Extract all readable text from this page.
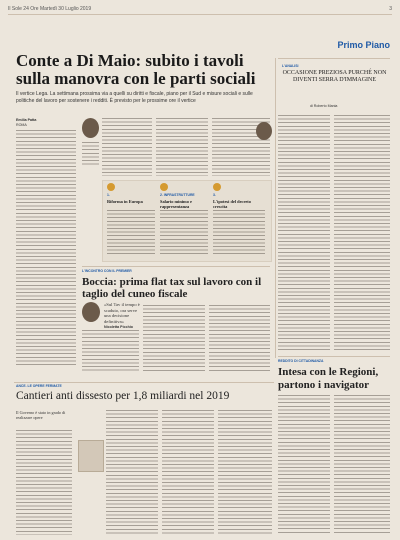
Il Sole 24 Ore Martedì 30 Luglio 2019	3
Primo Piano
Conte a Di Maio: subito i tavoli sulla manovra con le parti sociali
Il vertice Lega. La settimana prossima via a quelli su diritti e fiscale, piano per il Sud e misure sociali e sulle politiche del lavoro per sostenere i redditi. È previsto per le prossime ore il vertice
L'ANALISI
OCCASIONE PREZIOSA PURCHÉ NON DIVENTI SERRA D'IMMAGINE
di Roberto Mania
Emilia Patta
ROMA
1.
Riforma in Europa
2. INFRASTRUTTURE
Salario minimo e rappresentanza
3.
L'ipotesi del decreto crescita
L'INCONTRO CON IL PREMIER
Boccia: prima flat tax sul lavoro con il taglio del cuneo fiscale
«Sul Tav il tempo è scaduto, ora serve una decisione definitiva»
Nicoletta Picchio
REDDITO DI CITTADINANZA
Intesa con le Regioni, partono i navigator
ANCE. LE OPERE FERMATE
Cantieri anti dissesto per 1,8 miliardi nel 2019
Il Governo è stato in grado di realizzare opere
